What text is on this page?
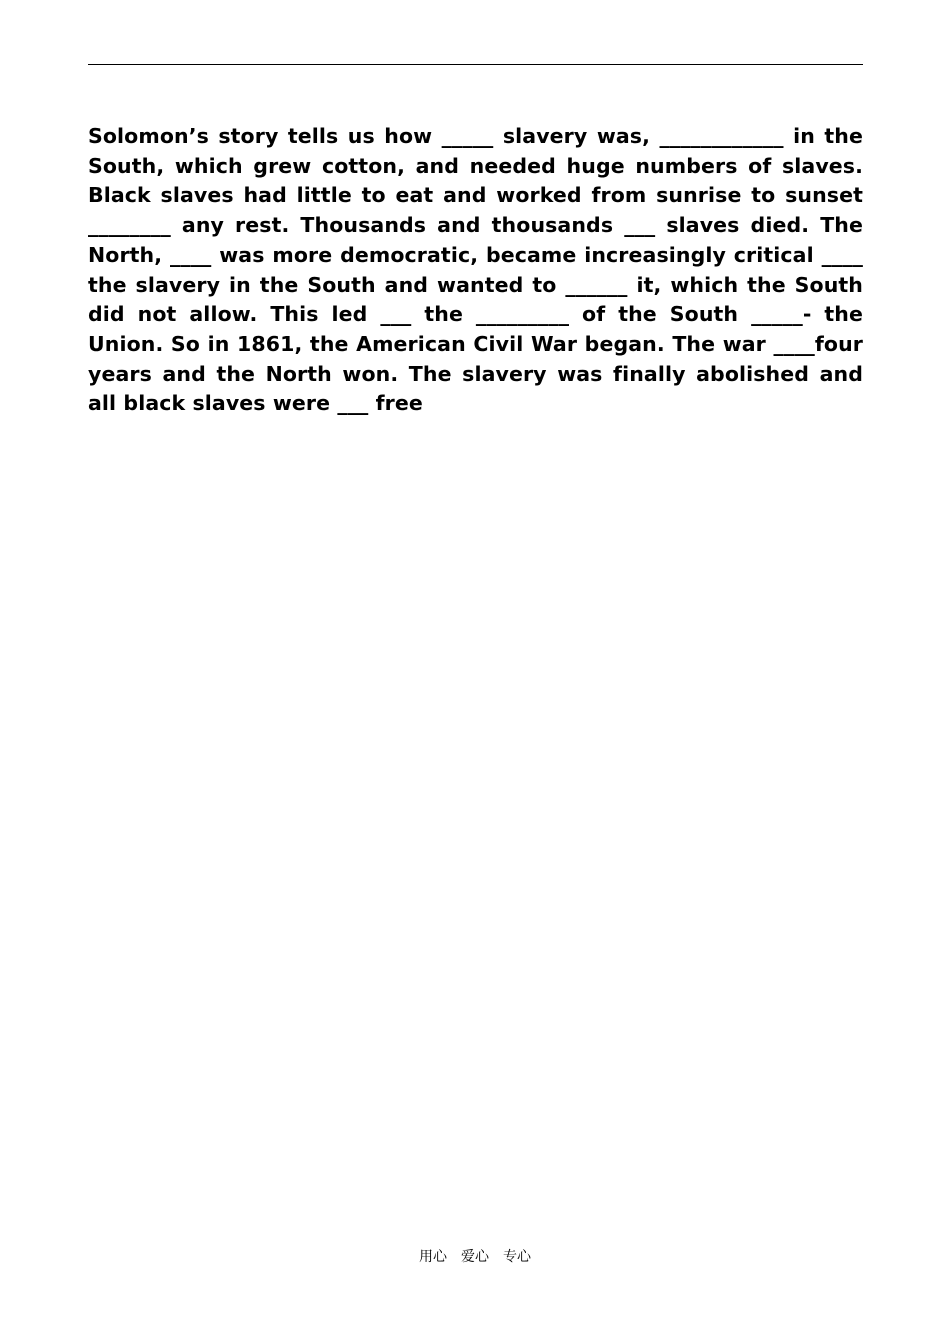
Solomon’s story tells us how _____ slavery was, ____________ in the South, which grew cotton, and needed huge numbers of slaves. Black slaves had little to eat and worked from sunrise to sunset ________ any rest. Thousands and thousands ___ slaves died. The North, ____ was more democratic, became increasingly critical ____ the slavery in the South and wanted to ______ it, which the South did not allow. This led ___ the _________ of the South _____- the Union. So in 1861, the American Civil War began. The war ____four years and the North won. The slavery was finally abolished and all black slaves were ___ free

用心　爱心　专心
